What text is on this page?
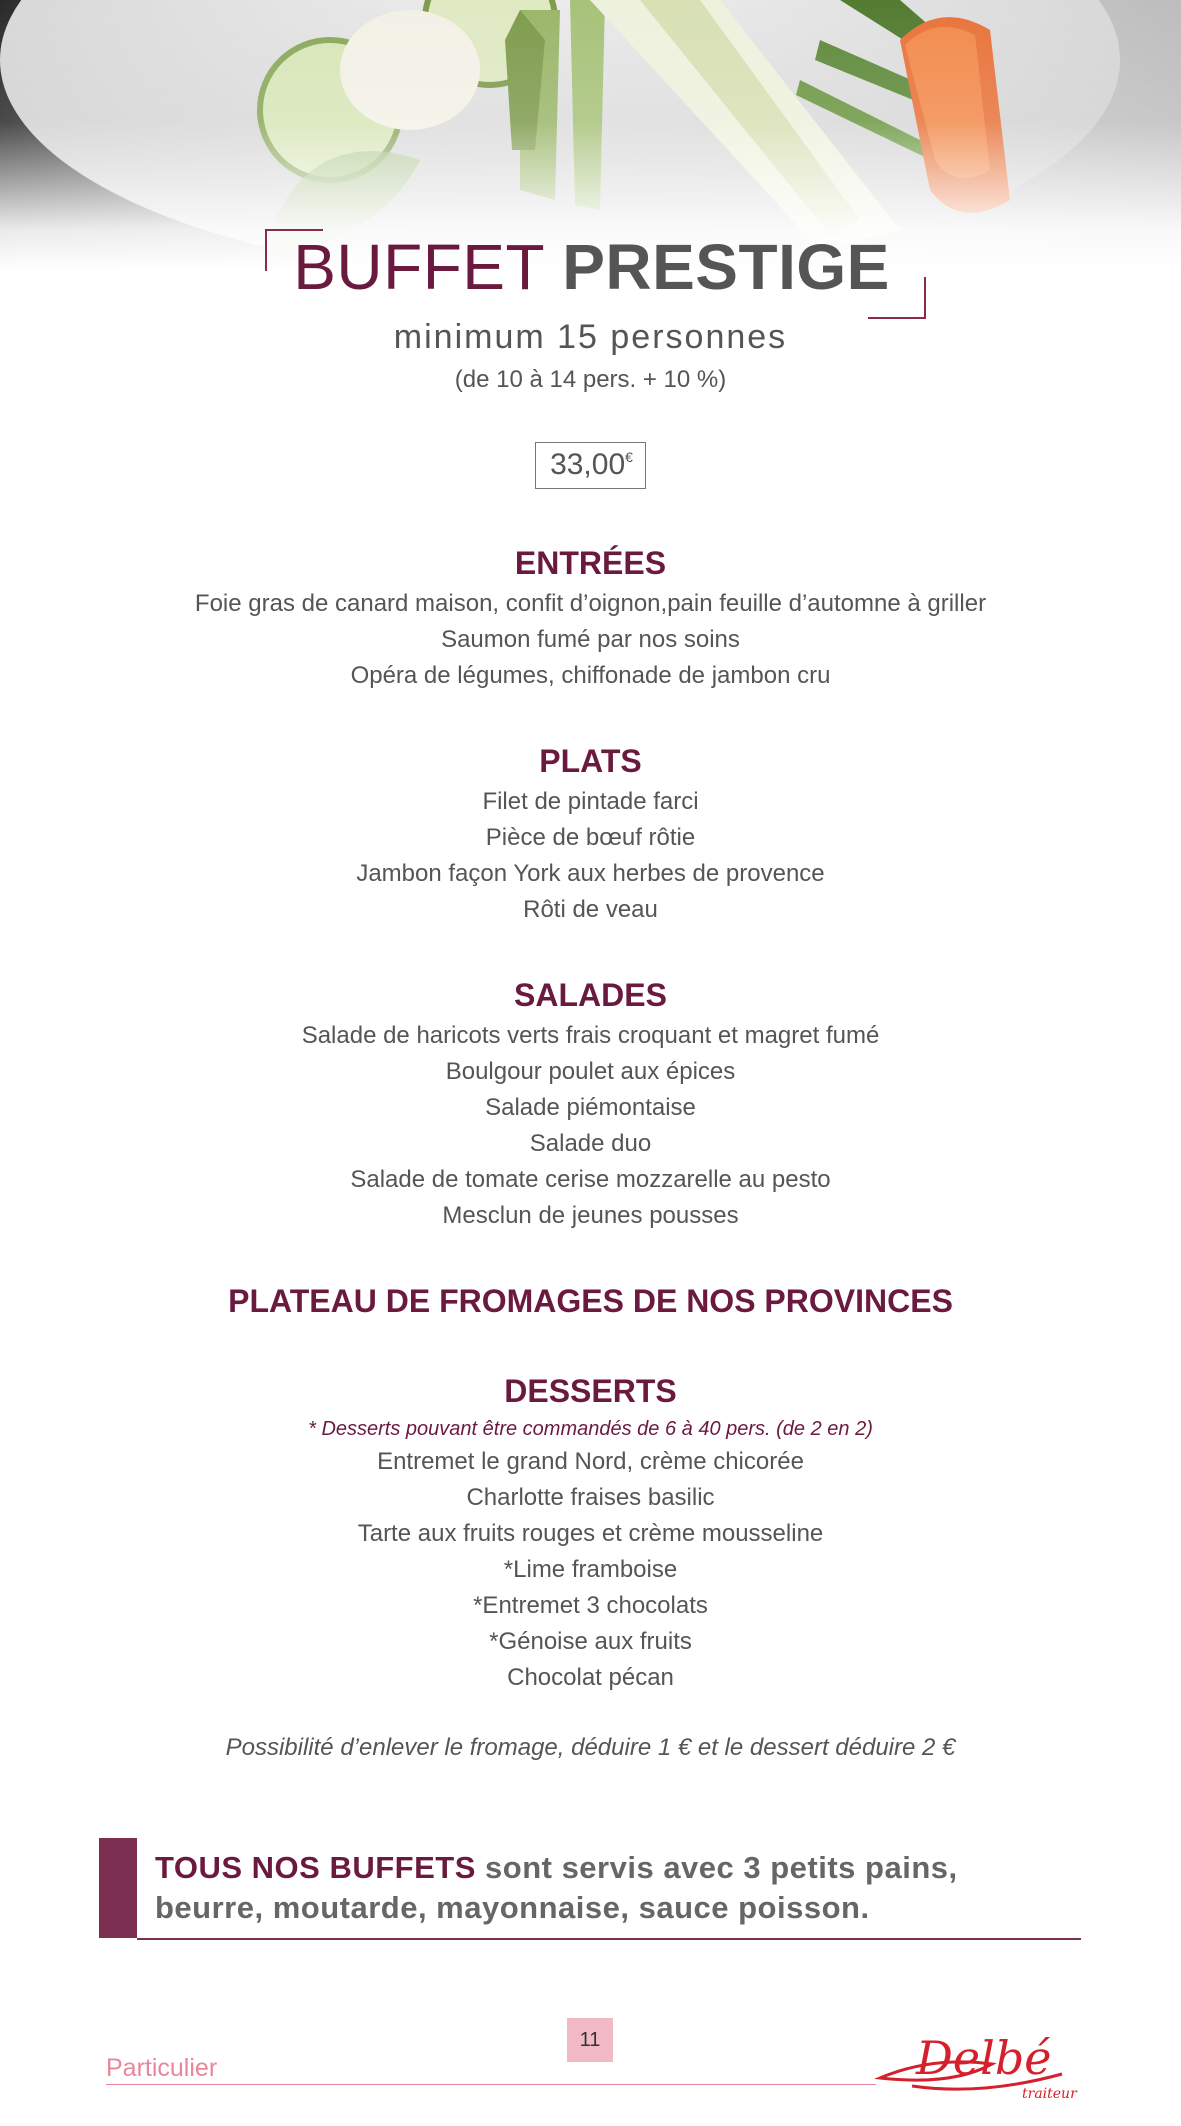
BUFFET PRESTIGE
minimum 15 personnes
(de 10 à 14 pers. + 10 %)
33,00€
ENTRÉES
Foie gras de canard maison, confit d’oignon,pain feuille d’automne à griller
Saumon fumé par nos soins
Opéra de légumes, chiffonade de jambon cru
PLATS
Filet de pintade farci
Pièce de bœuf rôtie
Jambon façon York aux herbes de provence
Rôti de veau
SALADES
Salade de haricots verts frais croquant et magret fumé
Boulgour poulet aux épices
Salade piémontaise
Salade duo
Salade de tomate cerise mozzarelle au pesto
Mesclun de jeunes pousses
PLATEAU DE FROMAGES DE NOS PROVINCES
DESSERTS
* Desserts pouvant être commandés de 6 à 40 pers. (de 2 en 2)
Entremet le grand Nord, crème chicorée
Charlotte fraises basilic
Tarte aux fruits rouges et crème mousseline
*Lime framboise
*Entremet 3 chocolats
*Génoise aux fruits
Chocolat pécan
Possibilité d’enlever le fromage, déduire 1 € et le dessert déduire 2 €
TOUS NOS BUFFETS sont servis avec 3 petits pains, beurre, moutarde, mayonnaise, sauce poisson.
11
Particulier	Delbé
traiteur
